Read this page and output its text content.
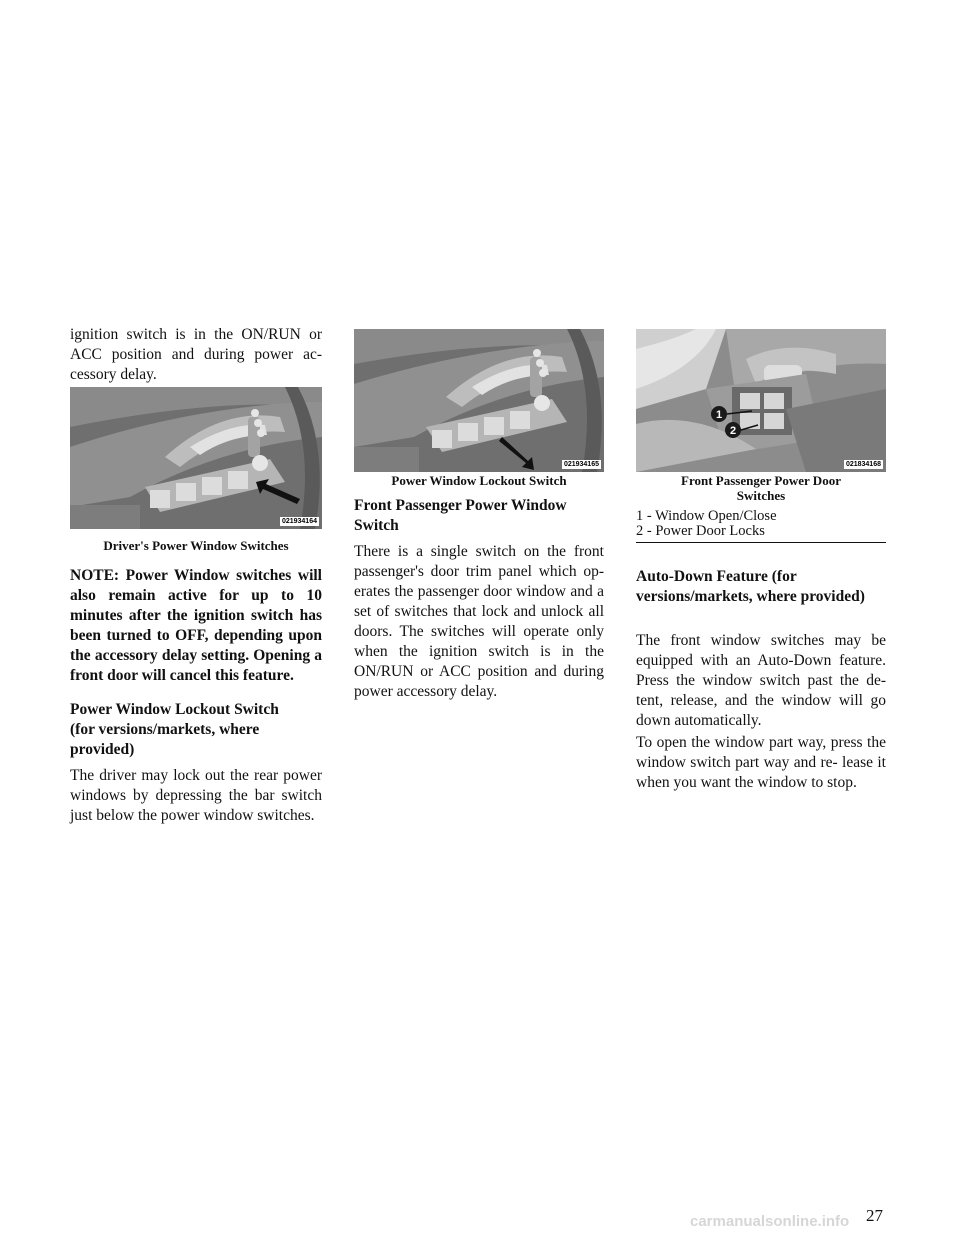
ignition switch is in the ON/RUN or ACC position and during power ac- cessory delay.

021934164

Driver's Power Window Switches

NOTE: Power Window switches will also remain active for up to 10 minutes after the ignition switch has been turned to OFF, depending upon the accessory delay setting. Opening a front door will cancel this feature.

Power Window Lockout Switch (for versions/markets, where provided)

The driver may lock out the rear power windows by depressing the bar switch just below the power window switches.

021934165

Power Window Lockout Switch

Front Passenger Power Window Switch

There is a single switch on the front passenger's door trim panel which op- erates the passenger door window and a set of switches that lock and unlock all doors. The switches will operate only when the ignition switch is in the ON/RUN or ACC position and during power accessory delay.

1
2
021834168

Front Passenger Power Door Switches

1 - Window Open/Close

2 - Power Door Locks

Auto-Down Feature (for versions/markets, where provided)

The front window switches may be equipped with an Auto-Down feature. Press the window switch past the de- tent, release, and the window will go down automatically.

To open the window part way, press the window switch part way and re- lease it when you want the window to stop.

27
carmanualsonline.info
